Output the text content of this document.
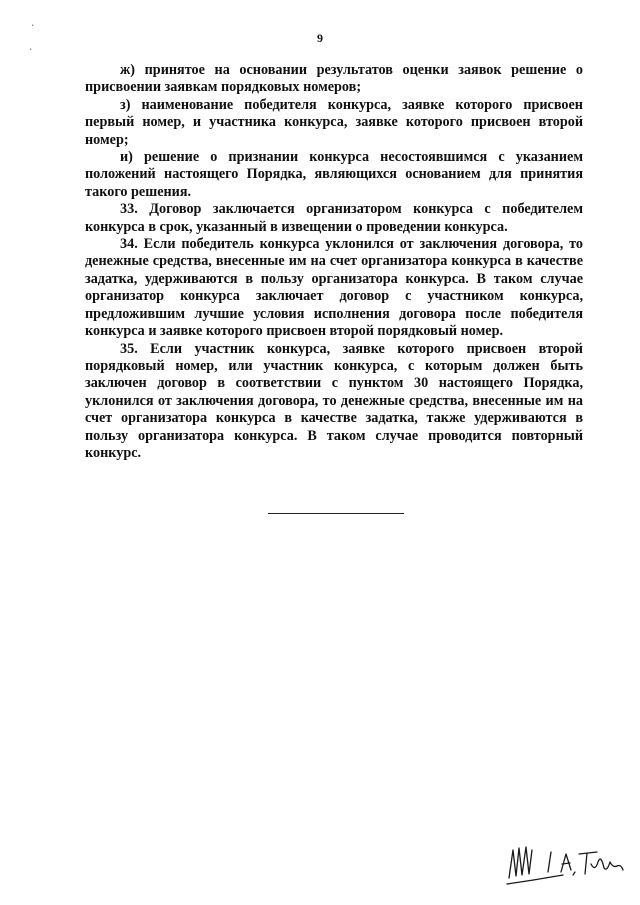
9
٠
٠

ж) принятое на основании результатов оценки заявок решение о присвоении заявкам порядковых номеров;

з) наименование победителя конкурса, заявке которого присвоен первый номер, и участника конкурса, заявке которого присвоен второй номер;

и) решение о признании конкурса несостоявшимся с указанием положений настоящего Порядка, являющихся основанием для принятия такого решения.

33. Договор заключается организатором конкурса с победителем конкурса в срок, указанный в извещении о проведении конкурса.

34. Если победитель конкурса уклонился от заключения договора, то денежные средства, внесенные им на счет организатора конкурса в качестве задатка, удерживаются в пользу организатора конкурса. В таком случае организатор конкурса заключает договор с участником конкурса, предложившим лучшие условия исполнения договора после победителя конкурса и заявке которого присвоен второй порядковый номер.

35. Если участник конкурса, заявке которого присвоен второй порядковый номер, или участник конкурса, с которым должен быть заключен договор в соответствии с пунктом 30 настоящего Порядка, уклонился от заключения договора, то денежные средства, внесенные им на счет организатора конкурса в качестве задатка, также удерживаются в пользу организатора конкурса. В таком случае проводится повторный конкурс.
